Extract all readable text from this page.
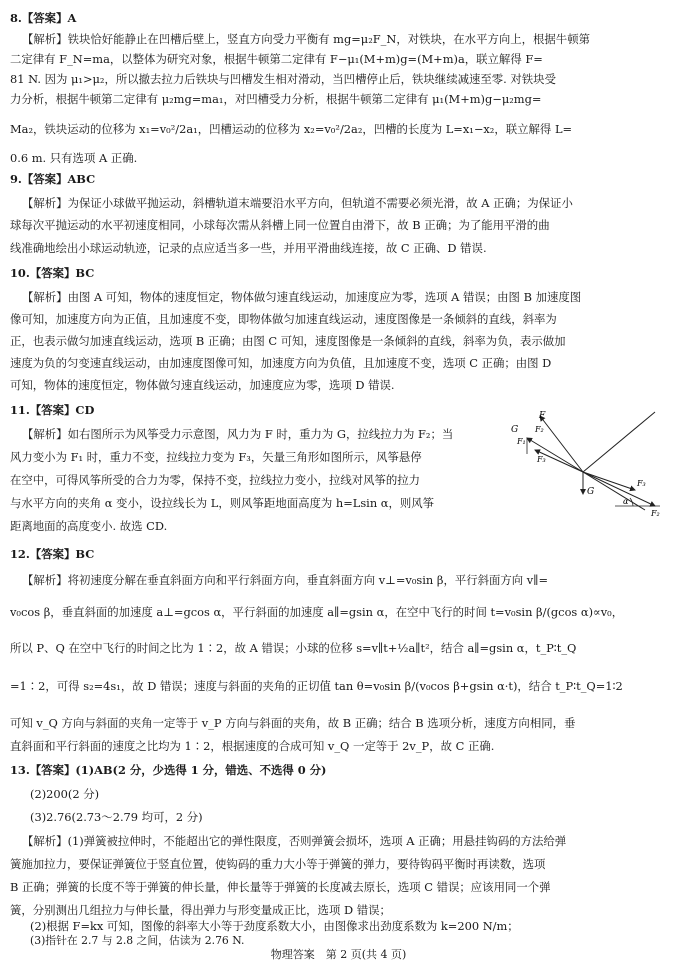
8.【答案】A
【解析】铁块恰好能静止在凹槽后壁上，竖直方向受力平衡有 mg=μ₂F_N，对铁块，在水平方向上，根据牛顿第
二定律有 F_N=ma，以整体为研究对象，根据牛顿第二定律有 F−μ₁(M+m)g=(M+m)a，联立解得 F=
81 N. 因为 μ₁>μ₂，所以撤去拉力后铁块与凹槽发生相对滑动，当凹槽停止后，铁块继续减速至零. 对铁块受
力分析，根据牛顿第二定律有 μ₂mg=ma₁，对凹槽受力分析，根据牛顿第二定律有 μ₁(M+m)g−μ₂mg=
Ma₂，铁块运动的位移为 x₁=v₀²/2a₁，凹槽运动的位移为 x₂=v₀²/2a₂，凹槽的长度为 L=x₁−x₂，联立解得 L=
0.6 m. 只有选项 A 正确.
9.【答案】ABC
【解析】为保证小球做平抛运动，斜槽轨道末端要沿水平方向，但轨道不需要必须光滑，故 A 正确；为保证小
球每次平抛运动的水平初速度相同，小球每次需从斜槽上同一位置自由滑下，故 B 正确；为了能用平滑的曲
线准确地绘出小球运动轨迹，记录的点应适当多一些，并用平滑曲线连接，故 C 正确、D 错误.
10.【答案】BC
【解析】由图 A 可知，物体的速度恒定，物体做匀速直线运动，加速度应为零，选项 A 错误；由图 B 加速度图
像可知，加速度方向为正值，且加速度不变，即物体做匀加速直线运动，速度图像是一条倾斜的直线，斜率为
正，也表示做匀加速直线运动，选项 B 正确；由图 C 可知，速度图像是一条倾斜的直线，斜率为负，表示做加
速度为负的匀变速直线运动，由加速度图像可知，加速度方向为负值，且加速度不变，选项 C 正确；由图 D
可知，物体的速度恒定，物体做匀速直线运动，加速度应为零，选项 D 错误.
11.【答案】CD
【解析】如右图所示为风筝受力示意图，风力为 F 时，重力为 G，拉线拉力为 F₂；当
风力变小为 F₁ 时，重力不变，拉线拉力变为 F₃，矢量三角形如图所示，风筝悬停
在空中，可得风筝所受的合力为零，保持不变，拉线拉力变小，拉线对风筝的拉力
与水平方向的夹角 α 变小，设拉线长为 L，则风筝距地面高度为 h=Lsin α，则风筝
距离地面的高度变小. 故选 CD.
F
G
F₁
F₂
F₃
G
F₃
α
F₂
12.【答案】BC
【解析】将初速度分解在垂直斜面方向和平行斜面方向，垂直斜面方向 v⊥=v₀sin β，平行斜面方向 v∥=
v₀cos β，垂直斜面的加速度 a⊥=gcos α，平行斜面的加速度 a∥=gsin α，在空中飞行的时间 t=v₀sin β/(gcos α)∝v₀，
所以 P、Q 在空中飞行的时间之比为 1∶2，故 A 错误；小球的位移 s=v∥t+½a∥t²，结合 a∥=gsin α，t_P∶t_Q
=1∶2，可得 s₂=4s₁，故 D 错误；速度与斜面的夹角的正切值 tan θ=v₀sin β/(v₀cos β+gsin α·t)，结合 t_P∶t_Q=1∶2
可知 v_Q 方向与斜面的夹角一定等于 v_P 方向与斜面的夹角，故 B 正确；结合 B 选项分析，速度方向相同，垂
直斜面和平行斜面的速度之比均为 1∶2，根据速度的合成可知 v_Q 一定等于 2v_P，故 C 正确.
13.【答案】(1)AB(2 分，少选得 1 分，错选、不选得 0 分)
(2)200(2 分)
(3)2.76(2.73～2.79 均可，2 分)
【解析】(1)弹簧被拉伸时，不能超出它的弹性限度，否则弹簧会损坏，选项 A 正确；用悬挂钩码的方法给弹
簧施加拉力，要保证弹簧位于竖直位置，使钩码的重力大小等于弹簧的弹力，要待钩码平衡时再读数，选项
B 正确；弹簧的长度不等于弹簧的伸长量，伸长量等于弹簧的长度减去原长，选项 C 错误；应该用同一个弹
簧，分别测出几组拉力与伸长量，得出弹力与形变量成正比，选项 D 错误；
(2)根据 F=kx 可知，图像的斜率大小等于劲度系数大小，由图像求出劲度系数为 k=200 N/m；
物理答案　第 2 页(共 4 页)
(3)指针在 2.7 与 2.8 之间，估读为 2.76 N.
